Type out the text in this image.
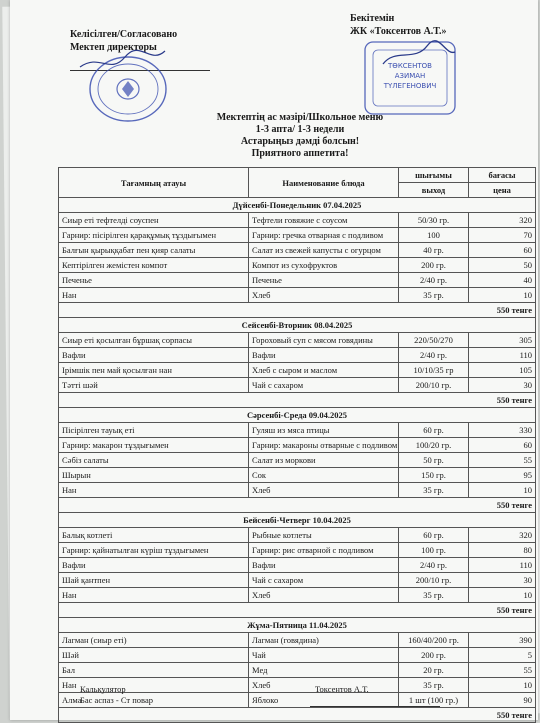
Келісілген/Согласовано
Мектеп директоры
Бекітемін
ЖК «Токсентов А.Т.»
ТӨКСЕНТОВ
АЗИМАН
ТҮЛЕГЕНОВИЧ
Мектептің ас мәзірі/Школьное меню
1-3 апта/ 1-3 недели
Астарыңыз дәмді болсын!
Приятного аппетита!
Тағамның атауы	Наименование блюда	шығымы	бағасы
		выход	цена
Дүйсенбі-Понедельник 07.04.2025			
Сиыр еті тефтелді соуспен	Тефтели говяжие с соусом	50/30 гр.	320
Гарнир: пісірілген қарақұмық тұздығымен	Гарнир: гречка отварная с подливом	100	70
Балғын қырыққабат пен қияр салаты	Салат из свежей капусты с огурцом	40 гр.	60
Кептірілген жемістен компот	Компот из сухофруктов	200 гр.	50
Печенье	Печенье	2/40 гр.	40
Нан	Хлеб	35 гр.	10
550 тенге			
Сейсенбі-Вторник 08.04.2025			
Сиыр еті қосылған бұршақ сорпасы	Гороховый суп с мясом говядины	220/50/270	305
Вафли	Вафли	2/40 гр.	110
Ірімшік пен май қосылған нан	Хлеб с сыром и маслом	10/10/35 гр	105
Тәтті шәй	Чай с сахаром	200/10 гр.	30
550 тенге			
Сәрсенбі-Среда 09.04.2025			
Пісірілген тауық еті	Гуляш из мяса птицы	60 гр.	330
Гарнир: макарон тұздығымен	Гарнир: макароны отварные с подливом	100/20 гр.	60
Сәбіз салаты	Салат из моркови	50 гр.	55
Шырын	Сок	150 гр.	95
Нан	Хлеб	35 гр.	10
550 тенге			
Бейсенбі-Четверг 10.04.2025			
Балық котлеті	Рыбные котлеты	60 гр.	320
Гарнир: қайнатылған күріш тұздығымен	Гарнир: рис отварной с подливом	100 гр.	80
Вафли	Вафли	2/40 гр.	110
Шай қантпен	Чай с сахаром	200/10 гр.	30
Нан	Хлеб	35 гр.	10
550 тенге			
Жұма-Пятница 11.04.2025			
Лагман (сиыр еті)	Лагман (говядина)	160/40/200 гр.	390
Шәй	Чай	200 гр.	5
Бал	Мед	20 гр.	55
Нан	Хлеб	35 гр.	10
Алма	Яблоко	1 шт (100 гр.)	90
550 тенге			
Калькулятор
Бас аспаз - Ст повар
Токсентов А.Т.
